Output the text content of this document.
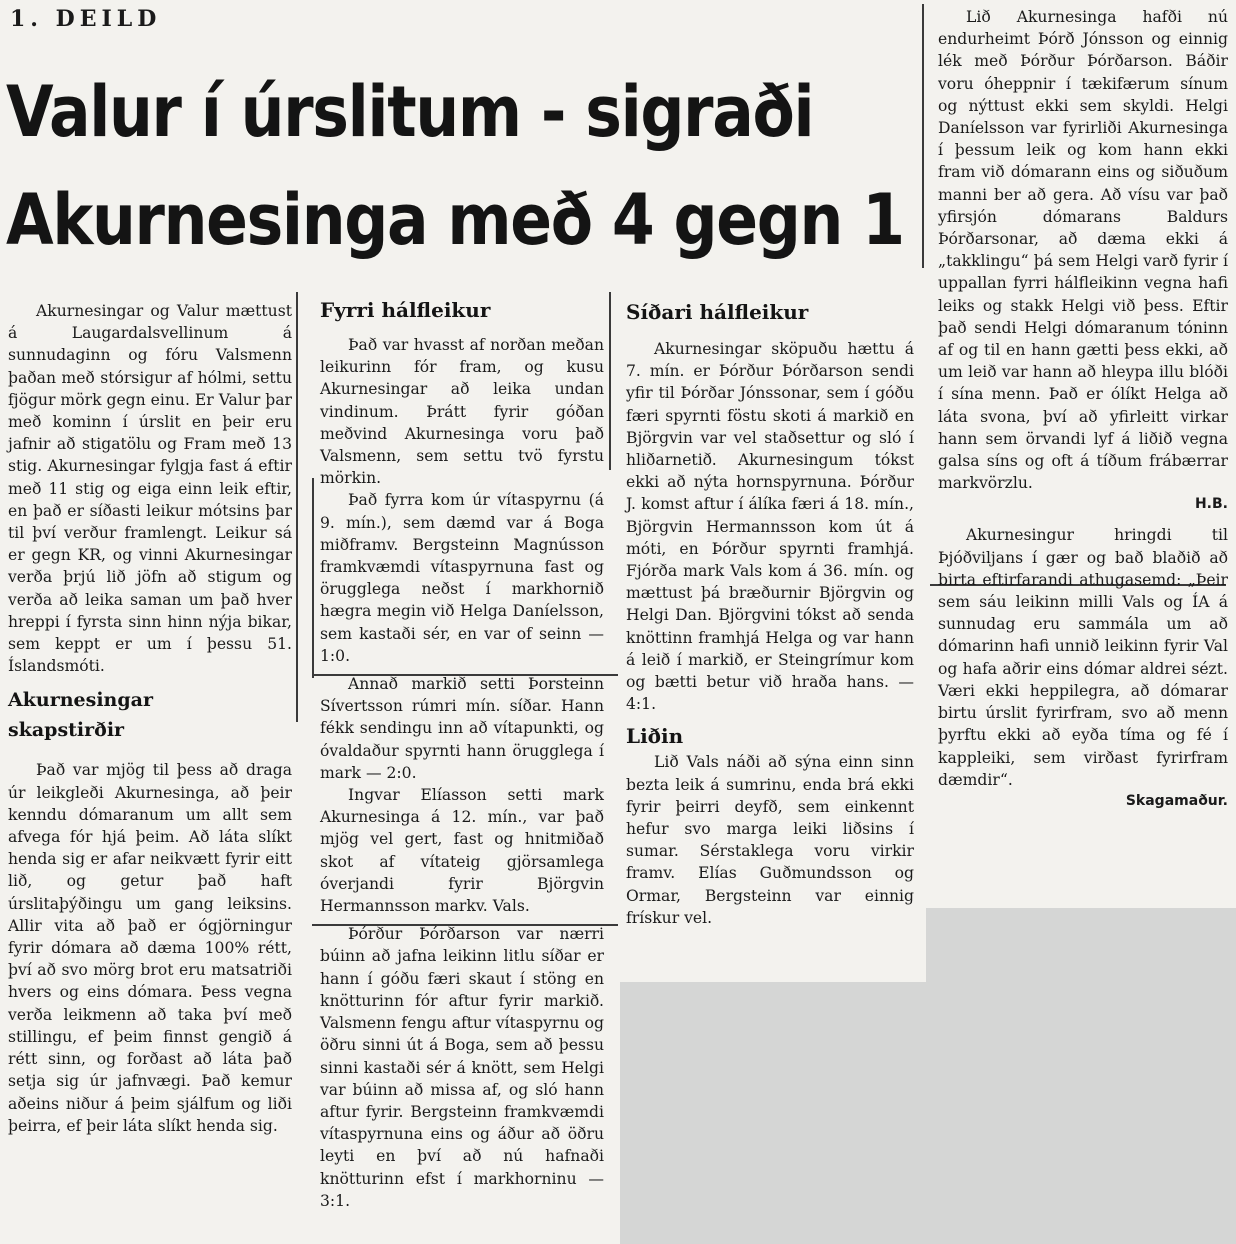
1. DEILD
Valur í úrslitum - sigraði
Akurnesinga með 4 gegn 1

Akurnesingar og Valur mættust á Laugardalsvellinum á sunnudaginn og fóru Valsmenn þaðan með stórsigur af hólmi, settu fjögur mörk gegn einu. Er Valur þar með kominn í úrslit en þeir eru jafnir að stigatölu og Fram með 13 stig. Akurnesingar fylgja fast á eftir með 11 stig og eiga einn leik eftir, en það er síðasti leikur mótsins þar til því verður framlengt. Leikur sá er gegn KR, og vinni Akurnesingar verða þrjú lið jöfn að stigum og verða að leika saman um það hver hreppi í fyrsta sinn hinn nýja bikar, sem keppt er um í þessu 51. Íslandsmóti.

Akurnesingar
skapstirðir

Það var mjög til þess að draga úr leikgleði Akurnesinga, að þeir kenndu dómaranum um allt sem afvega fór hjá þeim. Að láta slíkt henda sig er afar neikvætt fyrir eitt lið, og getur það haft úrslitaþýðingu um gang leiksins. Allir vita að það er ógjörningur fyrir dómara að dæma 100% rétt, því að svo mörg brot eru matsatriði hvers og eins dómara. Þess vegna verða leikmenn að taka því með stillingu, ef þeim finnst gengið á rétt sinn, og forðast að láta það setja sig úr jafnvægi. Það kemur aðeins niður á þeim sjálfum og liði þeirra, ef þeir láta slíkt henda sig.

Fyrri hálfleikur

Það var hvasst af norðan meðan leikurinn fór fram, og kusu Akurnesingar að leika undan vindinum. Þrátt fyrir góðan meðvind Akurnesinga voru það Valsmenn, sem settu tvö fyrstu mörkin.

Það fyrra kom úr vítaspyrnu (á 9. mín.), sem dæmd var á Boga miðframv. Bergsteinn Magnússon framkvæmdi vítaspyrnuna fast og örugglega neðst í markhornið hægra megin við Helga Daníelsson, sem kastaði sér, en var of seinn — 1:0.

Annað markið setti Þorsteinn Sívertsson rúmri mín. síðar. Hann fékk sendingu inn að vítapunkti, og óvaldaður spyrnti hann örugglega í mark — 2:0.

Ingvar Elíasson setti mark Akurnesinga á 12. mín., var það mjög vel gert, fast og hnitmiðað skot af vítateig gjörsamlega óverjandi fyrir Björgvin Hermannsson markv. Vals.

Þórður Þórðarson var nærri búinn að jafna leikinn litlu síðar er hann í góðu færi skaut í stöng en knötturinn fór aftur fyrir markið. Valsmenn fengu aftur vítaspyrnu og öðru sinni út á Boga, sem að þessu sinni kastaði sér á knött, sem Helgi var búinn að missa af, og sló hann aftur fyrir. Bergsteinn framkvæmdi vítaspyrnuna eins og áður að öðru leyti en því að nú hafnaði knötturinn efst í markhorninu — 3:1.

Síðari hálfleikur

Akurnesingar sköpuðu hættu á 7. mín. er Þórður Þórðarson sendi yfir til Þórðar Jónssonar, sem í góðu færi spyrnti föstu skoti á markið en Björgvin var vel staðsettur og sló í hliðarnetið. Akurnesingum tókst ekki að nýta hornspyrnuna. Þórður J. komst aftur í álíka færi á 18. mín., Björgvin Hermannsson kom út á móti, en Þórður spyrnti framhjá. Fjórða mark Vals kom á 36. mín. og mættust þá bræðurnir Björgvin og Helgi Dan. Björgvini tókst að senda knöttinn framhjá Helga og var hann á leið í markið, er Steingrímur kom og bætti betur við hraða hans. — 4:1.

Liðin

Lið Vals náði að sýna einn sinn bezta leik á sumrinu, enda brá ekki fyrir þeirri deyfð, sem einkennt hefur svo marga leiki liðsins í sumar. Sérstaklega voru virkir framv. Elías Guðmundsson og Ormar, Bergsteinn var einnig frískur vel.

Lið Akurnesinga hafði nú endurheimt Þórð Jónsson og einnig lék með Þórður Þórðarson. Báðir voru óheppnir í tækifærum sínum og nýttust ekki sem skyldi. Helgi Daníelsson var fyrirliði Akurnesinga í þessum leik og kom hann ekki fram við dómarann eins og siðuðum manni ber að gera. Að vísu var það yfirsjón dómarans Baldurs Þórðarsonar, að dæma ekki á „takklingu“ þá sem Helgi varð fyrir í uppallan fyrri hálfleikinn vegna hafi leiks og stakk Helgi við þess. Eftir það sendi Helgi dómaranum tóninn af og til en hann gætti þess ekki, að um leið var hann að hleypa illu blóði í sína menn. Það er ólíkt Helga að láta svona, því að yfirleitt virkar hann sem örvandi lyf á liðið vegna galsa síns og oft á tíðum frábærrar markvörzlu.

H.B.

Akurnesingur hringdi til Þjóðviljans í gær og bað blaðið að birta eftirfarandi athugasemd: „Þeir sem sáu leikinn milli Vals og ÍA á sunnudag eru sammála um að dómarinn hafi unnið leikinn fyrir Val og hafa aðrir eins dómar aldrei sézt. Væri ekki heppilegra, að dómarar birtu úrslit fyrirfram, svo að menn þyrftu ekki að eyða tíma og fé í kappleiki, sem virðast fyrirfram dæmdir“.

Skagamaður.
